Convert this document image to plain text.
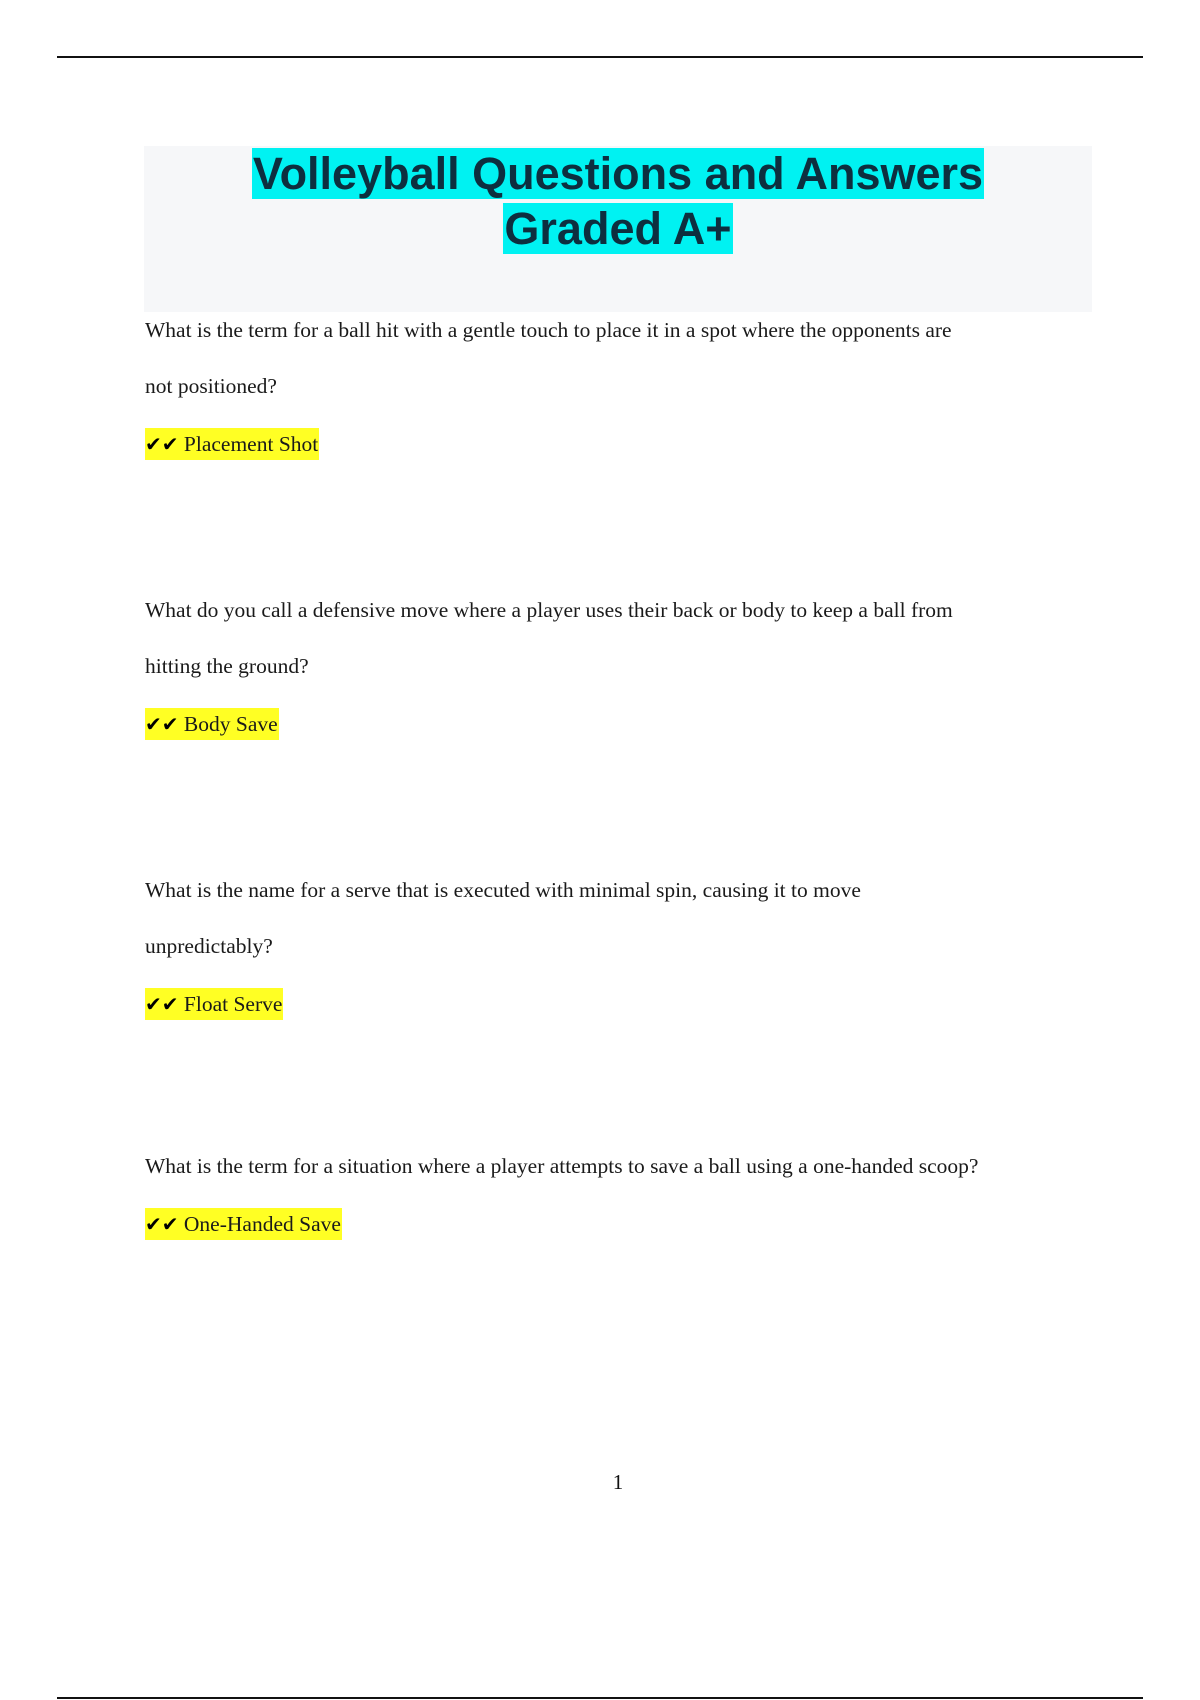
Volleyball Questions and Answers
Graded A+

What is the term for a ball hit with a gentle touch to place it in a spot where the opponents are
not positioned?

✔✔ Placement Shot

What do you call a defensive move where a player uses their back or body to keep a ball from
hitting the ground?

✔✔ Body Save

What is the name for a serve that is executed with minimal spin, causing it to move
unpredictably?

✔✔ Float Serve

What is the term for a situation where a player attempts to save a ball using a one-handed scoop?

✔✔ One-Handed Save
1
